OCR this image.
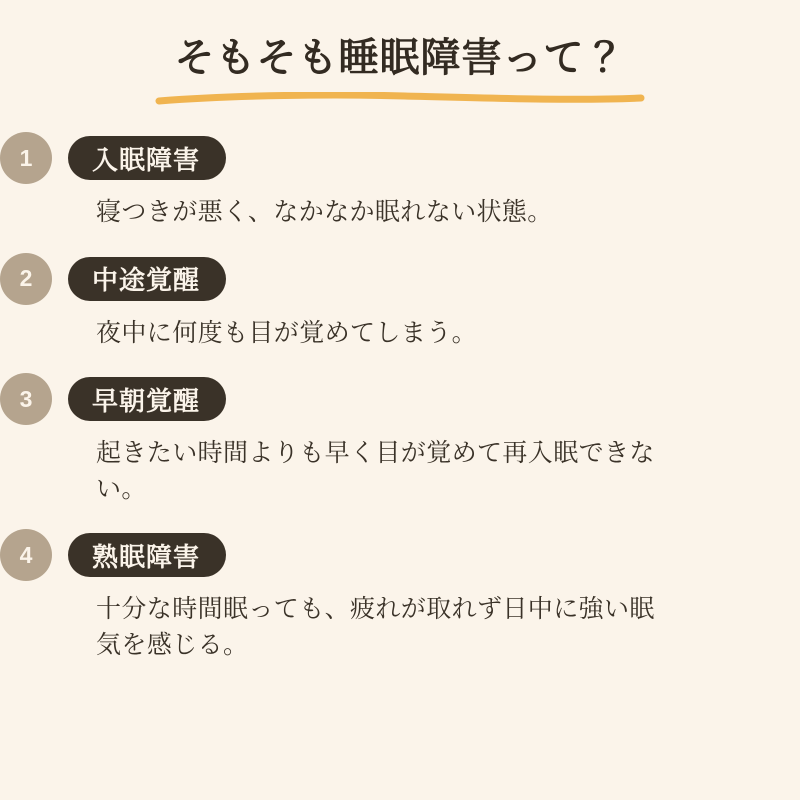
そもそも睡眠障害って？
1	入眠障害

寝つきが悪く、なかなか眠れない状態。

2	中途覚醒

夜中に何度も目が覚めてしまう。

3	早朝覚醒

起きたい時間よりも早く目が覚めて再入眠できない。

4	熟眠障害

十分な時間眠っても、疲れが取れず日中に強い眠気を感じる。
